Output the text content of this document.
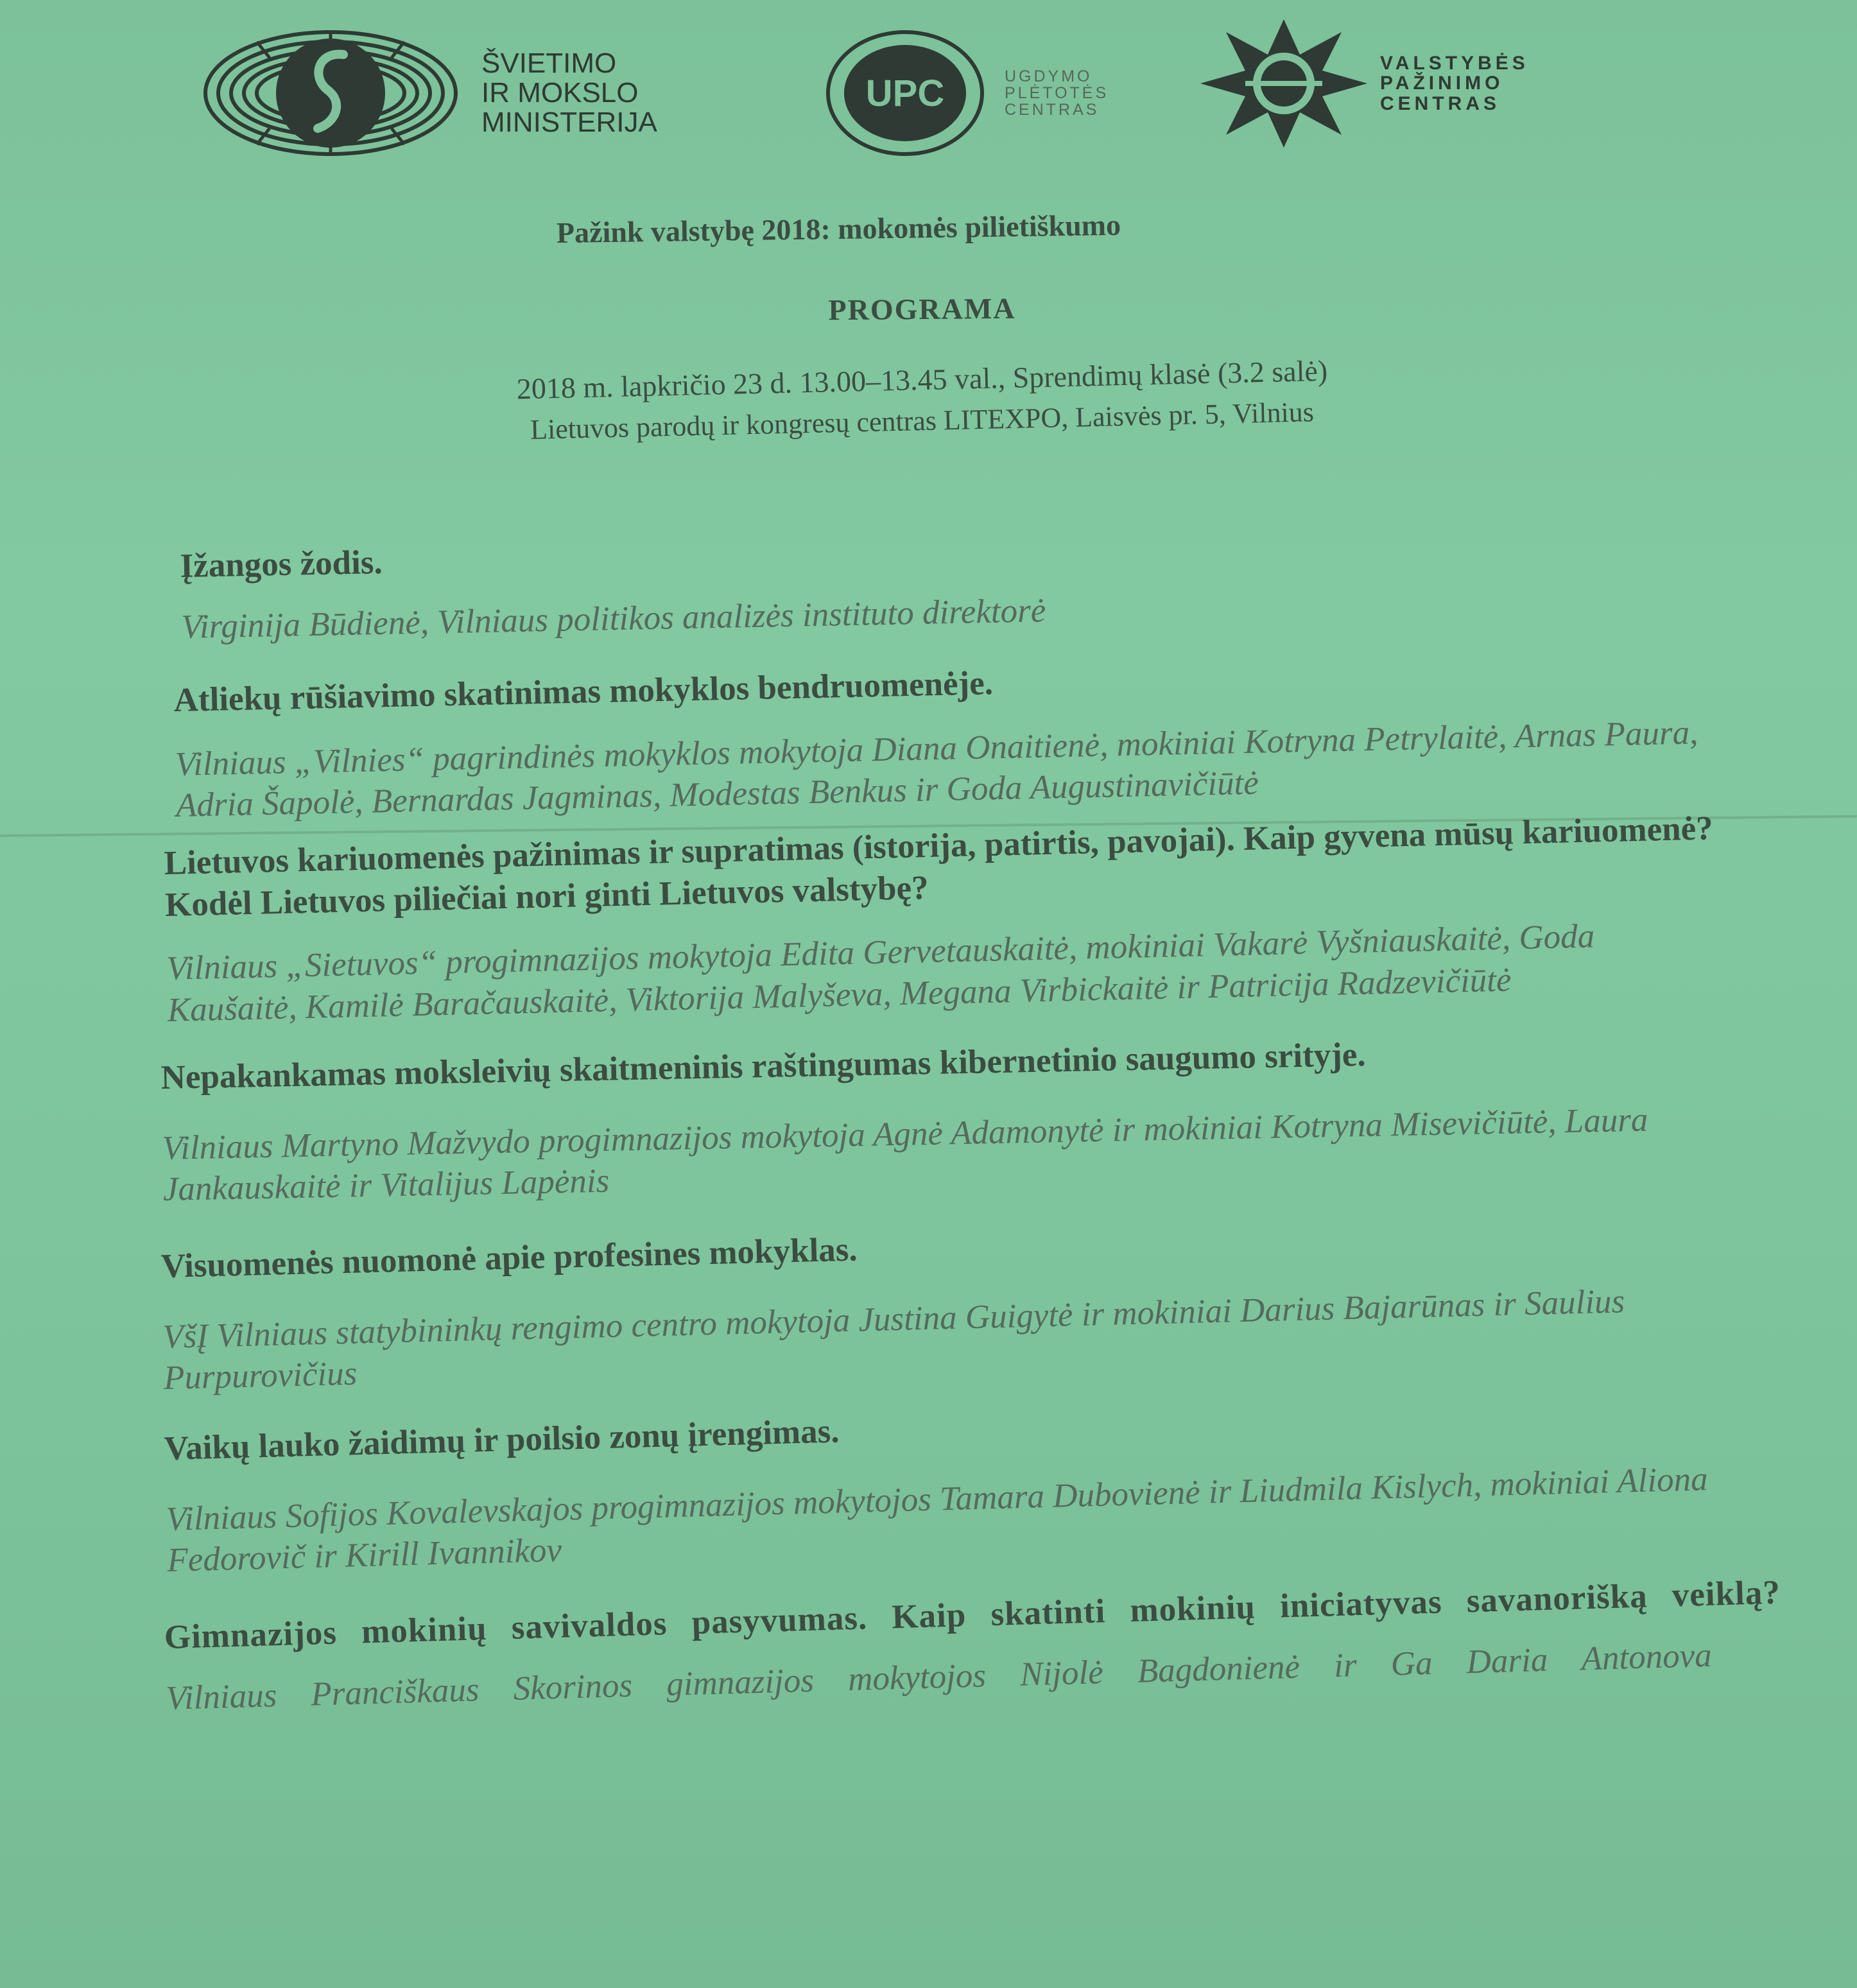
ŠVIETIMO
IR MOKSLO
MINISTERIJA
UPC	UGDYMO
PLĖTOTĖS
CENTRAS
VALSTYBĖS
PAŽINIMO
CENTRAS
Pažink valstybę 2018: mokomės pilietiškumo
PROGRAMA
2018 m. lapkričio 23 d. 13.00–13.45 val., Sprendimų klasė (3.2 salė)
Lietuvos parodų ir kongresų centras LITEXPO, Laisvės pr. 5, Vilnius

Įžangos žodis.

Virginija Būdienė, Vilniaus politikos analizės instituto direktorė

Atliekų rūšiavimo skatinimas mokyklos bendruomenėje.

Vilniaus „Vilnies“ pagrindinės mokyklos mokytoja Diana Onaitienė, mokiniai Kotryna Petrylaitė, Arnas Paura, Adria Šapolė, Bernardas Jagminas, Modestas Benkus ir Goda Augustinavičiūtė

Lietuvos kariuomenės pažinimas ir supratimas (istorija, patirtis, pavojai). Kaip gyvena mūsų kariuomenė? Kodėl Lietuvos piliečiai nori ginti Lietuvos valstybę?

Vilniaus „Sietuvos“ progimnazijos mokytoja Edita Gervetauskaitė, mokiniai Vakarė Vyšniauskaitė, Goda Kaušaitė, Kamilė Baračauskaitė, Viktorija Malyševa, Megana Virbickaitė ir Patricija Radzevičiūtė

Nepakankamas moksleivių skaitmeninis raštingumas kibernetinio saugumo srityje.

Vilniaus Martyno Mažvydo progimnazijos mokytoja Agnė Adamonytė ir mokiniai Kotryna Misevičiūtė, Laura Jankauskaitė ir Vitalijus Lapėnis

Visuomenės nuomonė apie profesines mokyklas.

VšĮ Vilniaus statybininkų rengimo centro mokytoja Justina Guigytė ir mokiniai Darius Bajarūnas ir Saulius Purpurovičius

Vaikų lauko žaidimų ir poilsio zonų įrengimas.

Vilniaus Sofijos Kovalevskajos progimnazijos mokytojos Tamara Dubovienė ir Liudmila Kislych, mokiniai Aliona Fedorovič ir Kirill Ivannikov

Gimnazijos mokinių savivaldos pasyvumas. Kaip skatinti mokinių iniciatyvas savanorišką veiklą?

Vilniaus Pranciškaus Skorinos gimnazijos mokytojos Nijolė Bagdonienė ir Ga Daria Antonova
